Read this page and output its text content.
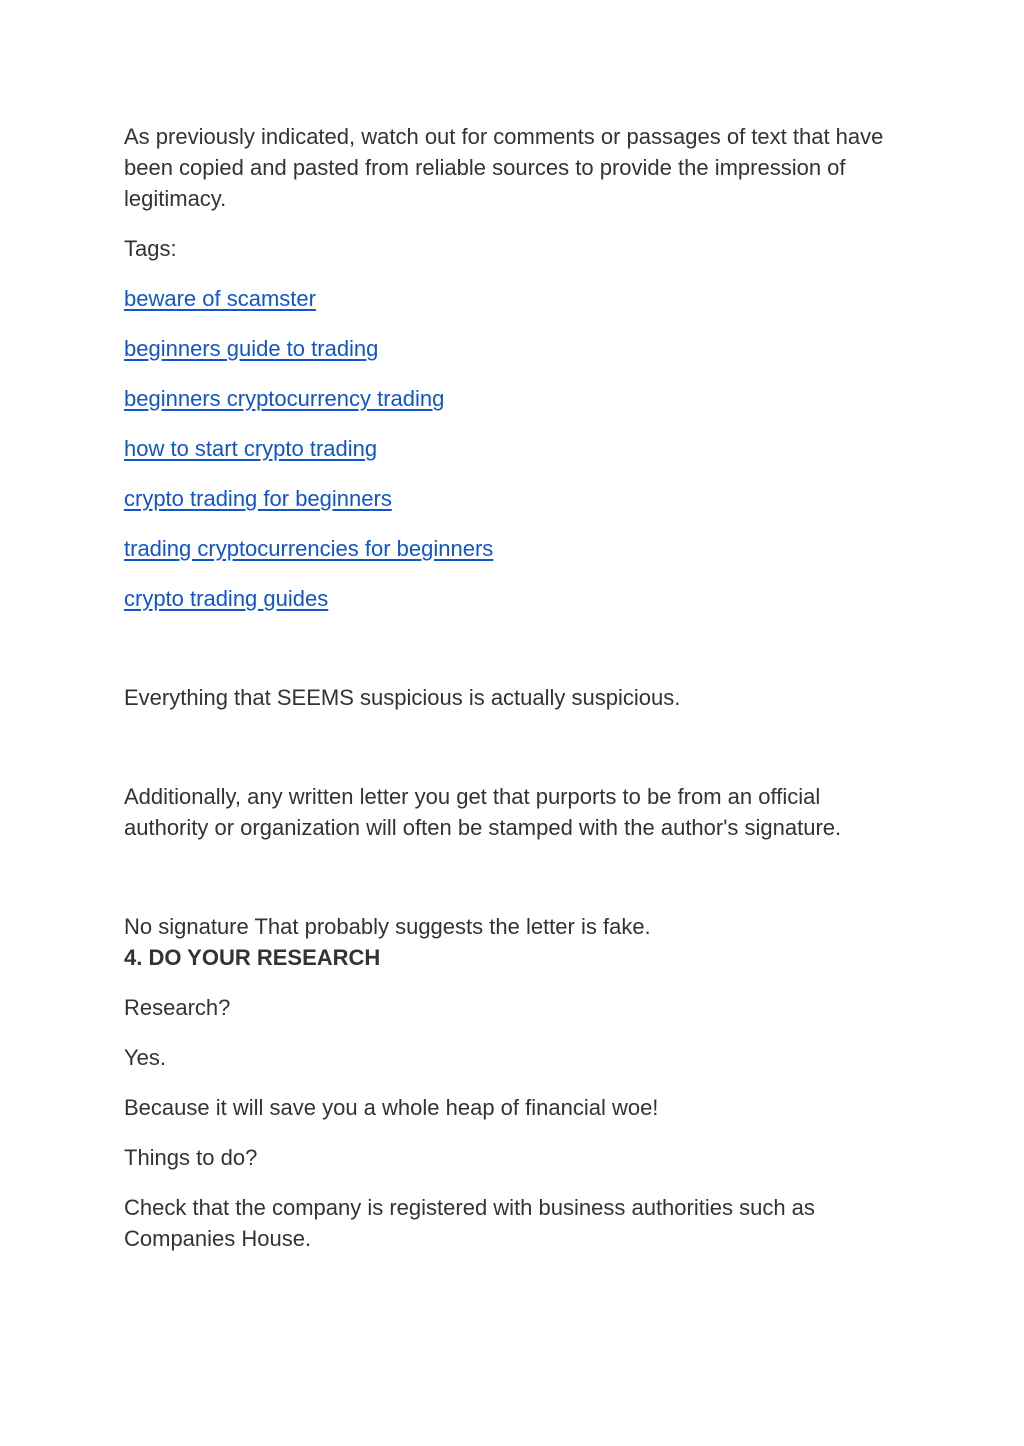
As previously indicated, watch out for comments or passages of text that have been copied and pasted from reliable sources to provide the impression of legitimacy.

Tags:

beware of scamster
beginners guide to trading
beginners cryptocurrency trading
how to start crypto trading
crypto trading for beginners
trading cryptocurrencies for beginners
crypto trading guides

Everything that SEEMS suspicious is actually suspicious.

Additionally, any written letter you get that purports to be from an official authority or organization will often be stamped with the author's signature.

No signature That probably suggests the letter is fake.

4. DO YOUR RESEARCH

Research?

Yes.

Because it will save you a whole heap of financial woe!

Things to do?

Check that the company is registered with business authorities such as Companies House.
